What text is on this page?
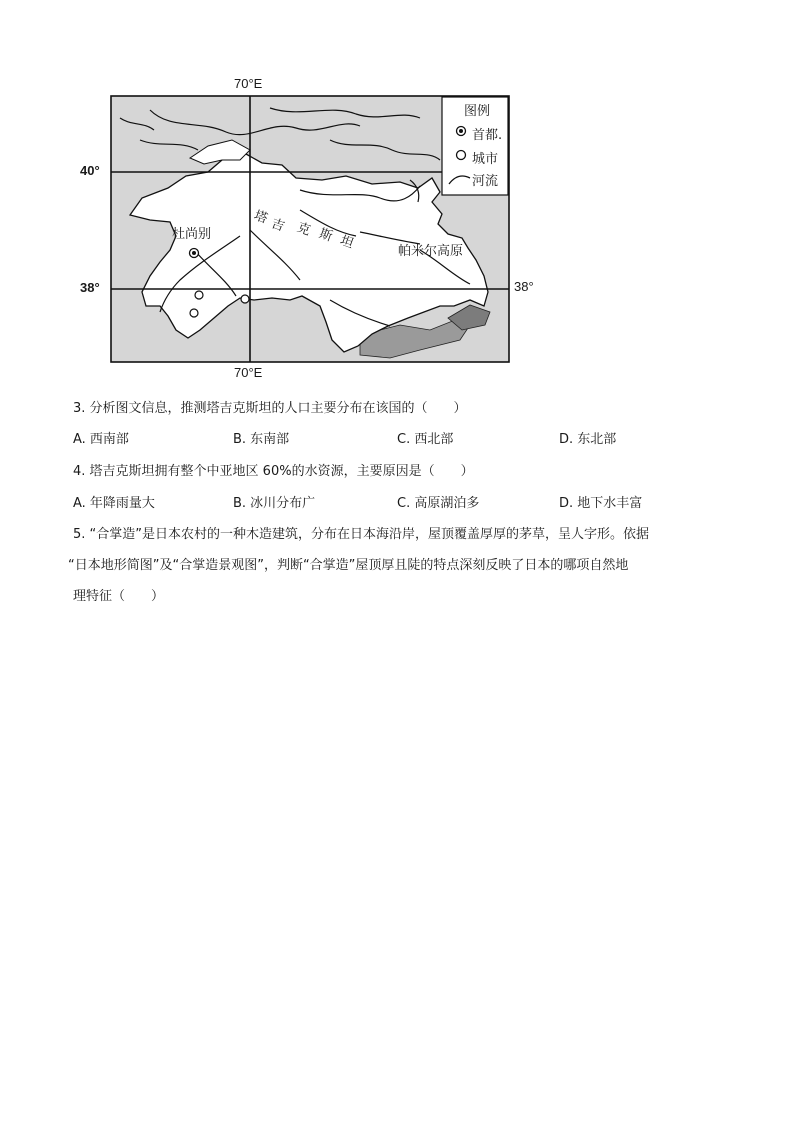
70°E
70°E
40°
38°	38°
塔 吉 克 斯 坦
杜尚别
帕米尔高原
图例
首都.
城市
河流
3. 分析图文信息，推测塔吉克斯坦的人口主要分布在该国的（　　）
A. 西南部	B. 东南部	C. 西北部	D. 东北部
4. 塔吉克斯坦拥有整个中亚地区 60%的水资源，主要原因是（　　）
A. 年降雨量大	B. 冰川分布广	C. 高原湖泊多	D. 地下水丰富
5. “合掌造”是日本农村的一种木造建筑，分布在日本海沿岸，屋顶覆盖厚厚的茅草，呈人字形。依据
“日本地形简图”及“合掌造景观图”，判断“合掌造”屋顶厚且陡的特点深刻反映了日本的哪项自然地
理特征（　　）
